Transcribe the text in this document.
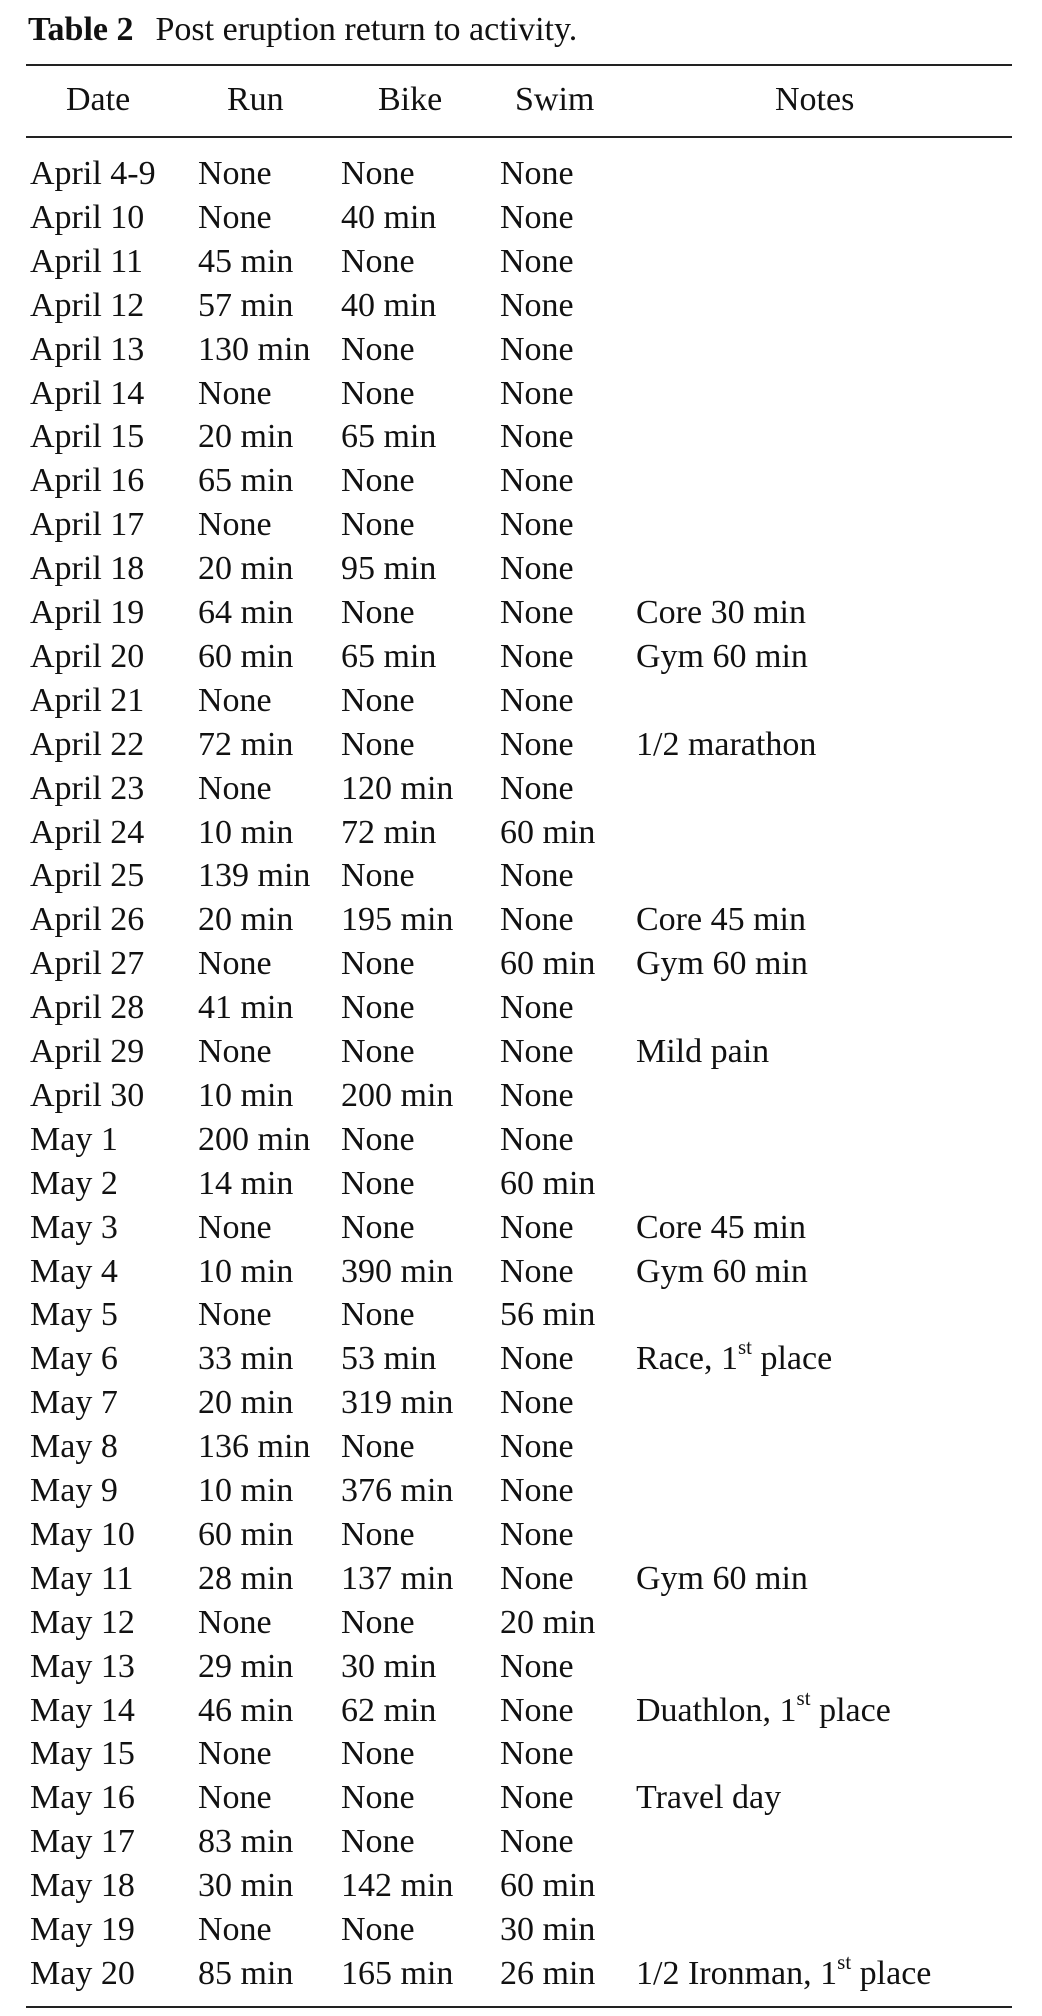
Table 2 Post eruption return to activity.
Date	Run	Bike Swim	Notes
April 4-9 None None	None
April 10 None 40 min None
April 11 45 min None	None
April 12 57 min 40 min None
April 13 130 min None	None
April 14 None None	None
April 15 20 min 65 min None
April 16 65 min None	None
April 17 None None	None
April 18 20 min 95 min None
April 19 64 min None	None Core 30 min
April 20 60 min 65 min None Gym 60 min
April 21 None None	None
April 22 72 min None	None 1/2 marathon
April 23 None 120 min None
April 24 10 min 72 min 60 min
April 25 139 min None	None
April 26 20 min 195 min None Core 45 min
April 27 None None	60 min Gym 60 min
April 28 41 min None	None
April 29 None None	None Mild pain
April 30 10 min 200 min None
May 1 200 min None	None
May 2 14 min None	60 min
May 3 None None	None Core 45 min
May 4 10 min 390 min None Gym 60 min
May 5 None None	56 min
May 6 33 min 53 min None Race, 1st place
May 7 20 min 319 min None
May 8 136 min None	None
May 9 10 min 376 min None
May 10 60 min None	None
May 11 28 min 137 min None Gym 60 min
May 12 None None	20 min
May 13 29 min 30 min None
May 14 46 min 62 min None Duathlon, 1st place
May 15 None None	None
May 16 None None	None Travel day
May 17 83 min None	None
May 18 30 min 142 min 60 min
May 19 None None	30 min
May 20 85 min 165 min 26 min 1/2 Ironman, 1st place
